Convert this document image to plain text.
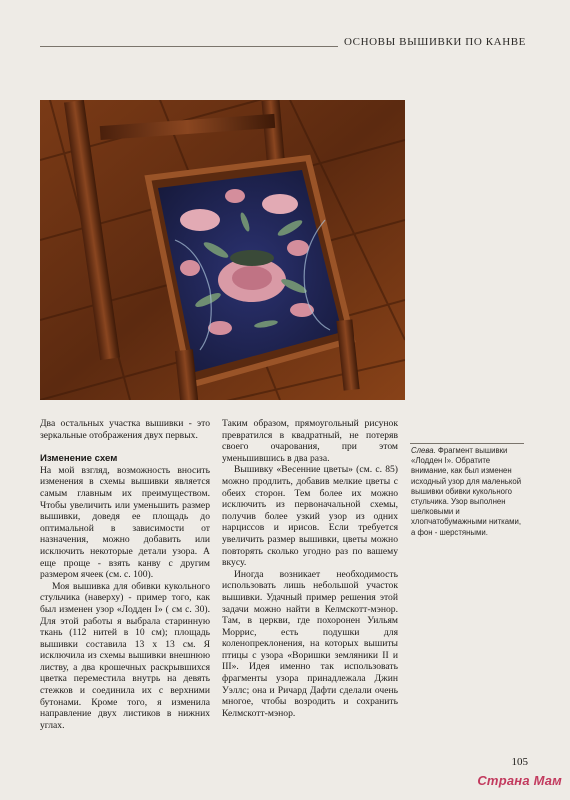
ОСНОВЫ ВЫШИВКИ ПО КАНВЕ

Два остальных участка вышивки - это зеркальные отображения двух первых.

Изменение схем

На мой взгляд, возможность вносить изменения в схемы вышивки является самым главным их преимуществом. Чтобы увеличить или уменьшить размер вышивки, доведя ее площадь до оптимальной в зависимости от назначения, можно добавить или исключить некоторые детали узора. А еще проще - взять канву с другим размером ячеек (см. с. 100).

Моя вышивка для обивки кукольного стульчика (наверху) - пример того, как был изменен узор «Лодден I» ( см с. 30). Для этой работы я выбрала старинную ткань (112 нитей в 10 см); площадь вышивки составила 13 х 13 см. Я исключила из схемы вышивки внешнюю листву, а два крошечных раскрывшихся цветка переместила внутрь на девять стежков и соединила их с верхними бутонами. Кроме того, я изменила направление двух листиков в нижних углах.

Таким образом, прямоугольный рисунок превратился в квадратный, не потеряв своего очарования, при этом уменьшившись в два раза.

Вышивку «Весенние цветы» (см. с. 85) можно продлить, добавив мелкие цветы с обеих сторон. Тем более их можно исключить из первоначальной схемы, получив более узкий узор из одних нарциссов и ирисов. Если требуется увеличить размер вышивки, цветы можно повторять сколько угодно раз по вашему вкусу.

Иногда возникает необходимость использовать лишь небольшой участок вышивки. Удачный пример решения этой задачи можно найти в Келмскотт-мэнор. Там, в церкви, где похоронен Уильям Моррис, есть подушки для коленопреклонения, на которых вышиты птицы с узора «Воришки земляники II и III». Идея именно так использовать фрагменты узора принадлежала Джин Уэллс; она и Ричард Дафти сделали очень многое, чтобы возродить и сохранить Келмскотт-мэнор.

Слева. Фрагмент вышивки «Лодден I». Обратите внимание, как был изменен исходный узор для маленькой вышивки обивки кукольного стульчика. Узор выполнен шелковыми и хлопчатобумажными нитками, а фон - шерстяными.
105
Страна Мам
